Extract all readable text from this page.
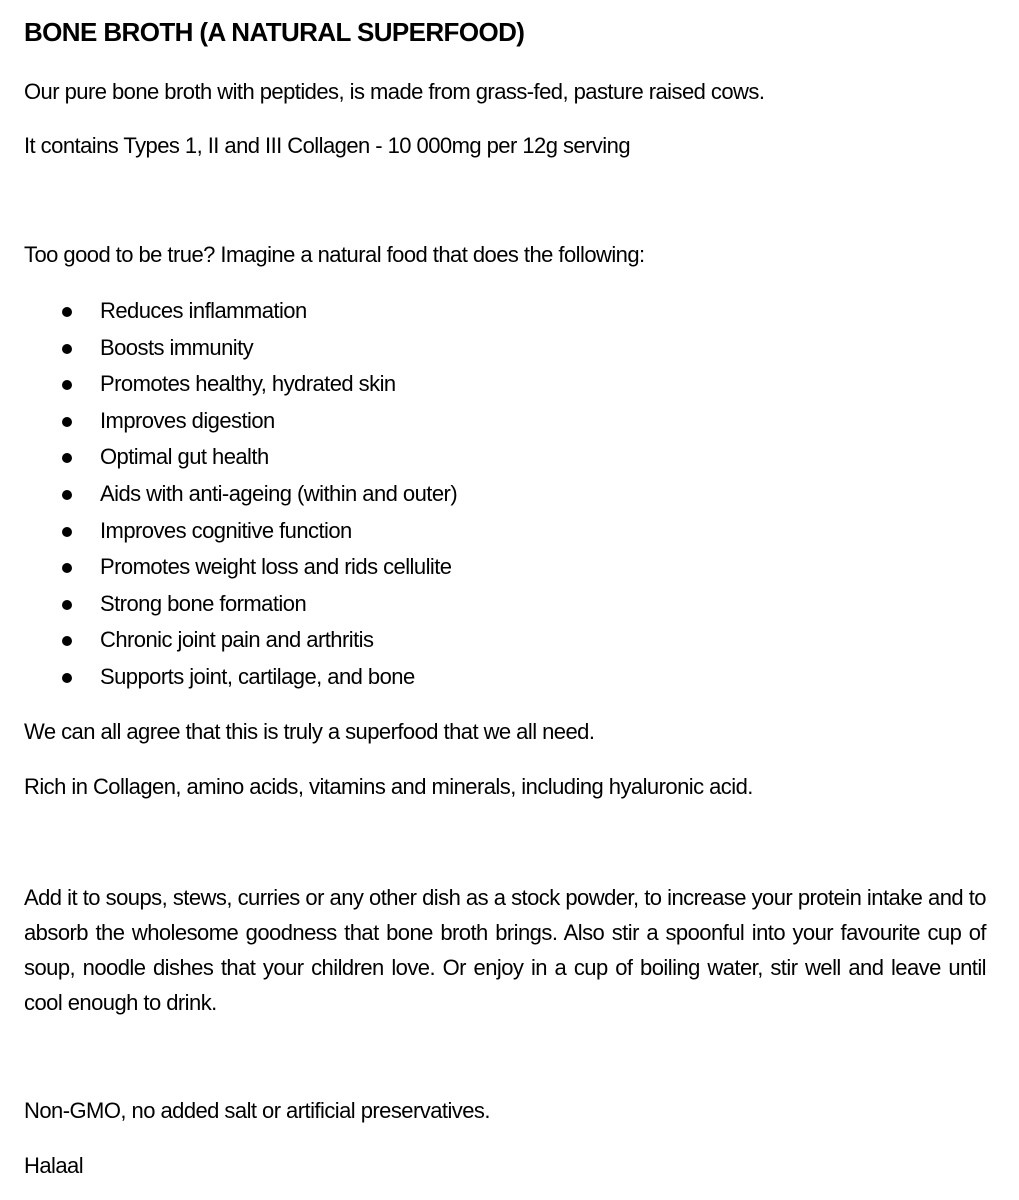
BONE BROTH (A NATURAL SUPERFOOD)

Our pure bone broth with peptides, is made from grass-fed, pasture raised cows.

It contains Types 1, II and III Collagen - 10 000mg per 12g serving

Too good to be true? Imagine a natural food that does the following:

Reduces inflammation
Boosts immunity
Promotes healthy, hydrated skin
Improves digestion
Optimal gut health
Aids with anti-ageing (within and outer)
Improves cognitive function
Promotes weight loss and rids cellulite
Strong bone formation
Chronic joint pain and arthritis
Supports joint, cartilage, and bone

We can all agree that this is truly a superfood that we all need.

Rich in Collagen, amino acids, vitamins and minerals, including hyaluronic acid.

Add it to soups, stews, curries or any other dish as a stock powder, to increase your protein intake and to absorb the wholesome goodness that bone broth brings. Also stir a spoonful into your favourite cup of soup, noodle dishes that your children love. Or enjoy in a cup of boiling water, stir well and leave until cool enough to drink.

Non-GMO, no added salt or artificial preservatives.

Halaal
